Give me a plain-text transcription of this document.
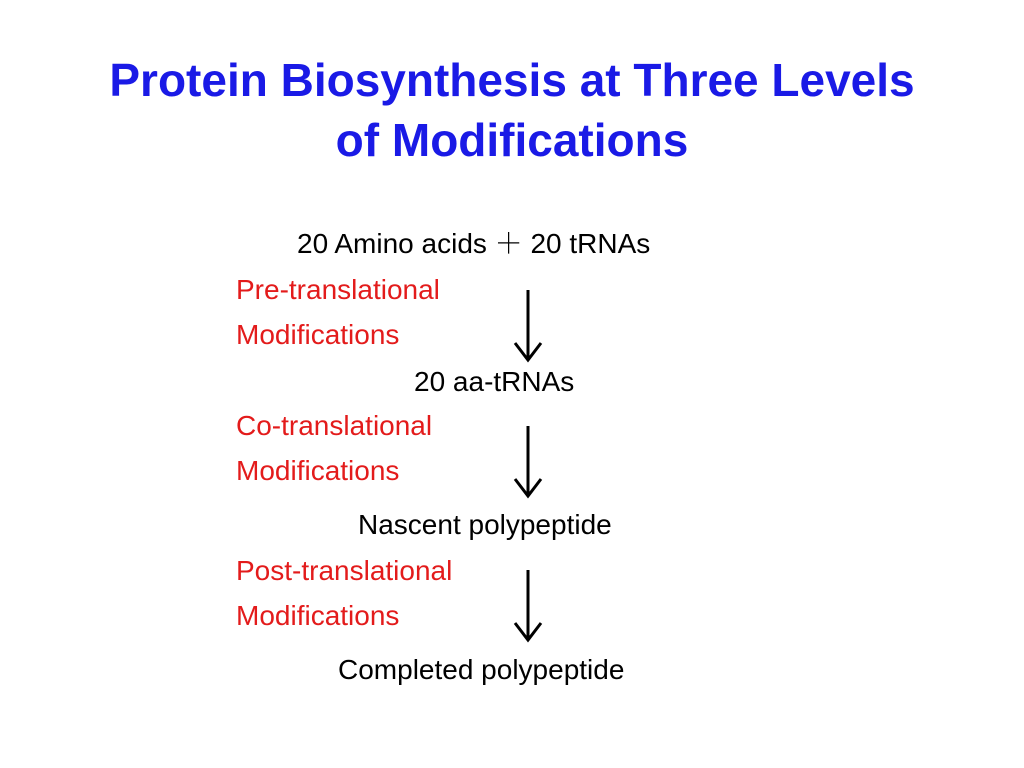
Protein Biosynthesis at Three Levels
of Modifications
20 Amino acids ＋ 20 tRNAs
Pre-translational
Modifications
20 aa-tRNAs
Co-translational
Modifications
Nascent polypeptide
Post-translational
Modifications
Completed polypeptide
